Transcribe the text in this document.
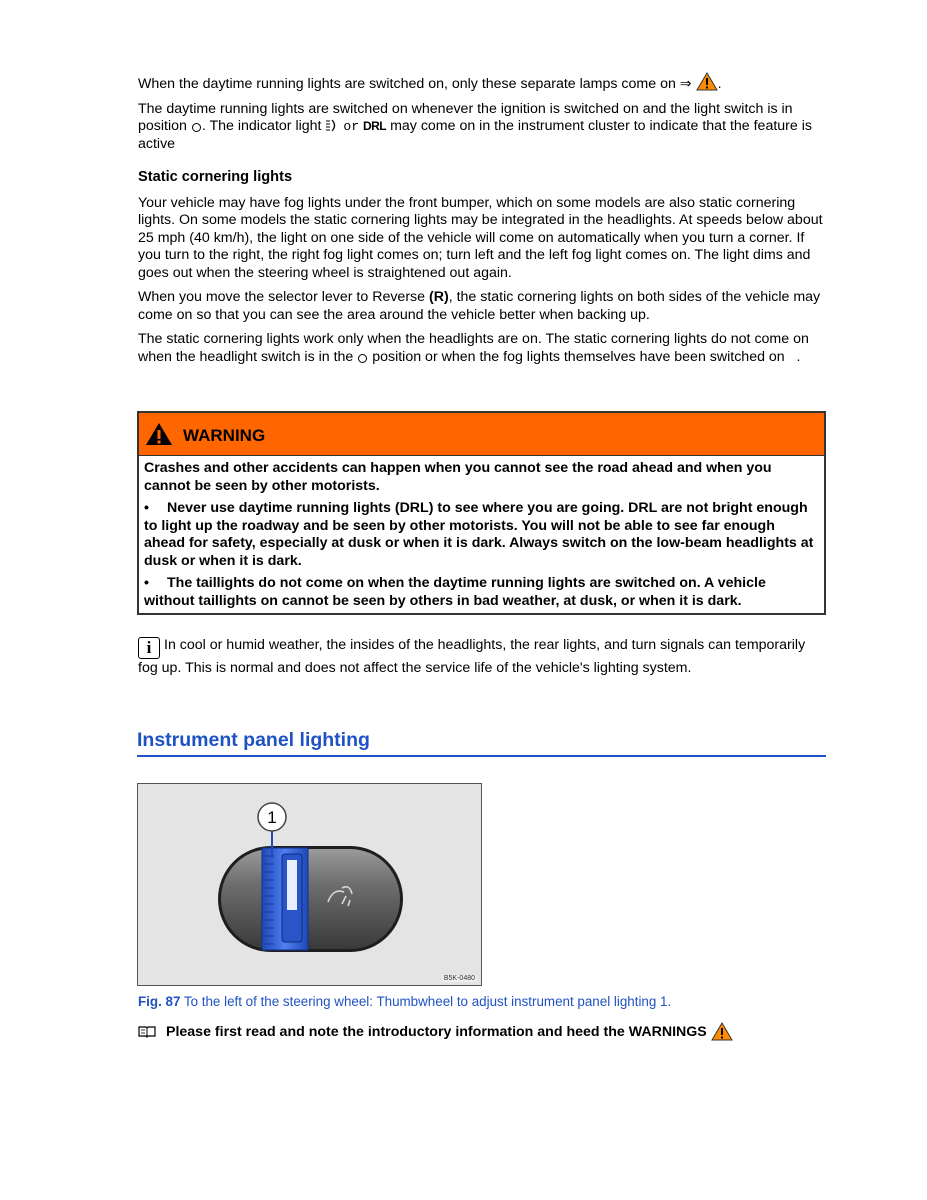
When the daytime running lights are switched on, only these separate lamps come on ⇒ .

The daytime running lights are switched on whenever the ignition is switched on and the light switch is in position . The indicator light or DRL may come on in the instrument cluster to indicate that the feature is active

Static cornering lights

Your vehicle may have fog lights under the front bumper, which on some models are also static cornering lights. On some models the static cornering lights may be integrated in the headlights. At speeds below about 25 mph (40 km/h), the light on one side of the vehicle will come on automatically when you turn a corner. If you turn to the right, the right fog light comes on; turn left and the left fog light comes on. The light dims and goes out when the steering wheel is straightened out again.

When you move the selector lever to Reverse (R), the static cornering lights on both sides of the vehicle may come on so that you can see the area around the vehicle better when backing up.

The static cornering lights work only when the headlights are on. The static cornering lights do not come on when the headlight switch is in the position or when the fog lights themselves have been switched on .

WARNING

Crashes and other accidents can happen when you cannot see the road ahead and when you cannot be seen by other motorists.

• Never use daytime running lights (DRL) to see where you are going. DRL are not bright enough to light up the roadway and be seen by other motorists. You will not be able to see far enough ahead for safety, especially at dusk or when it is dark. Always switch on the low-beam headlights at dusk or when it is dark.

• The taillights do not come on when the daytime running lights are switched on. A vehicle without taillights on cannot be seen by others in bad weather, at dusk, or when it is dark.

i In cool or humid weather, the insides of the headlights, the rear lights, and turn signals can temporarily fog up. This is normal and does not affect the service life of the vehicle's lighting system.
Instrument panel lighting
1
B5K-0480
Fig. 87 To the left of the steering wheel: Thumbwheel to adjust instrument panel lighting 1.
Please first read and note the introductory information and heed the WARNINGS
